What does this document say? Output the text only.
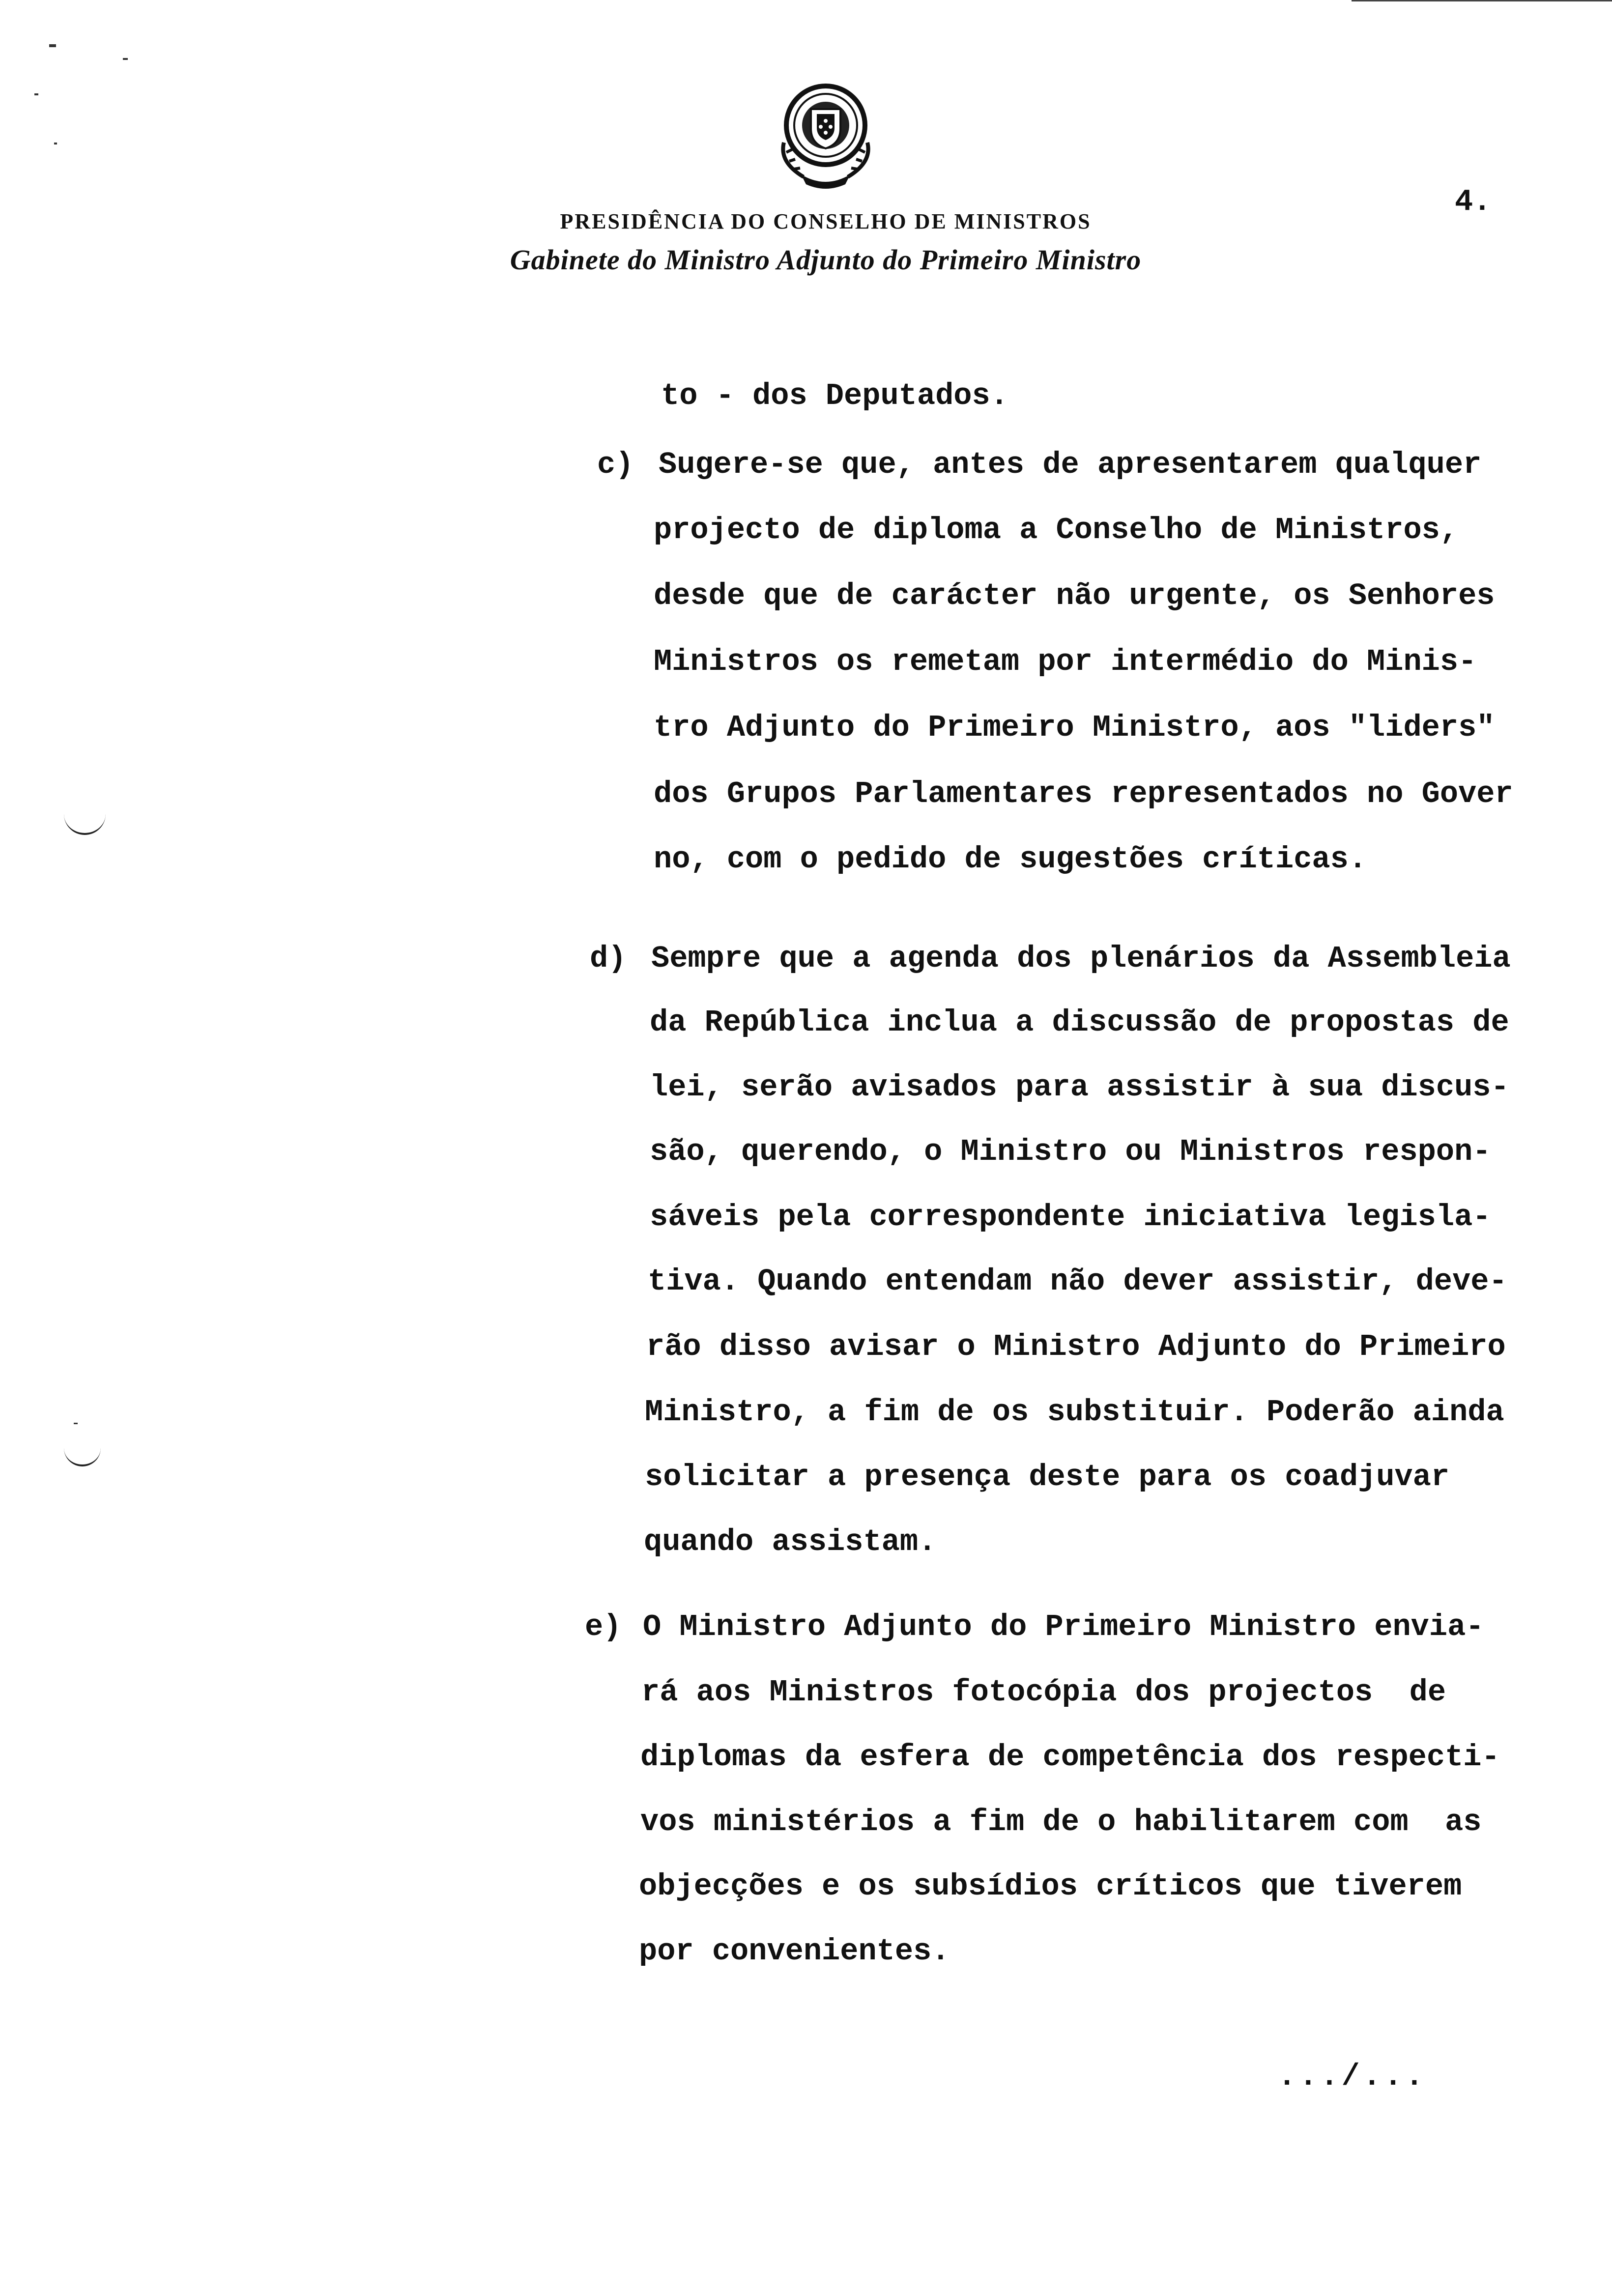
PRESIDÊNCIA DO CONSELHO DE MINISTROS
Gabinete do Ministro Adjunto do Primeiro Ministro
4.
to - dos Deputados.
c) Sugere-se que, antes de apresentarem qualquer
projecto de diploma a Conselho de Ministros,
desde que de carácter não urgente, os Senhores
Ministros os remetam por intermédio do Minis-
tro Adjunto do Primeiro Ministro, aos "liders"
dos Grupos Parlamentares representados no Gover
no, com o pedido de sugestões críticas.
d) Sempre que a agenda dos plenários da Assembleia
da República inclua a discussão de propostas de
lei, serão avisados para assistir à sua discus-
são, querendo, o Ministro ou Ministros respon-
sáveis pela correspondente iniciativa legisla-
tiva. Quando entendam não dever assistir, deve-
rão disso avisar o Ministro Adjunto do Primeiro
Ministro, a fim de os substituir. Poderão ainda
solicitar a presença deste para os coadjuvar
quando assistam.
e) O Ministro Adjunto do Primeiro Ministro envia-
rá aos Ministros fotocópia dos projectos  de
diplomas da esfera de competência dos respecti-
vos ministérios a fim de o habilitarem com  as
objecções e os subsídios críticos que tiverem
por convenientes.
.../...
